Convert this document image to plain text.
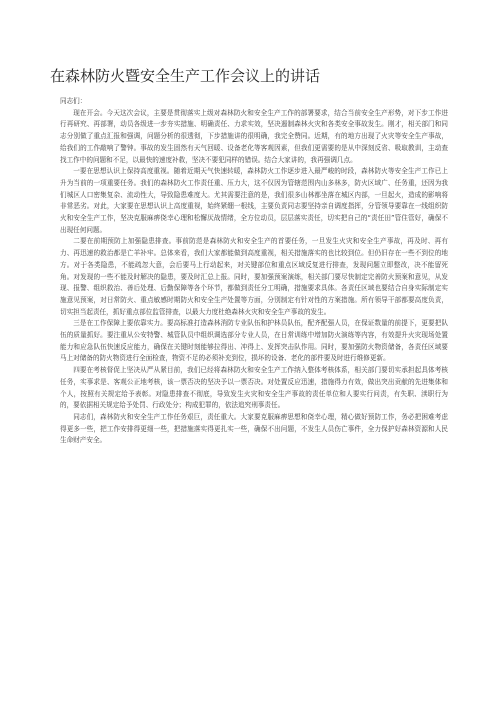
在森林防火暨安全生产工作会议上的讲话

同志们：

现在开会。今天这次会议，主要是贯彻落实上级对森林防火和安全生产工作的部署要求，结合当前安全生产形势，对下步工作进行再研究、再部署，动员各级进一步夯实措施、明确责任、力求实效，坚决遏制森林火灾和各类安全事故发生。刚才，相关部门和同志分别做了重点汇报和强调，问题分析的很透彻，下步措施讲的很明确，我完全赞同。近期，有的地方出现了火灾等安全生产事故，给我们的工作敲响了警钟。事故的发生固然有天气回暖、设备老化等客观因素，但我们更需要的是从中深刻反省、吸取教训，主动查找工作中的问题和不足，以最快的速度补救，坚决不要犯同样的错误。结合大家讲的，我再强调几点。

一要在思想认识上保持高度重视。随着近期天气快速转暖，森林防火工作逐步进入最严峻的时段，森林防火等安全生产工作已上升为当前的一项重要任务。我们的森林防火工作责任重、压力大，这不仅因为管辖范围内山多林多，防火区域广、任务重，还因为我们城区人口密集复杂、流动性大，导致隐患难度大。尤其需要注意的是，我们很多山林都坐落在城区内部，一旦起火，造成的影响将非常恶劣。对此，大家要在思想认识上高度重视，始终紧绷一根线，主要负责同志要坚持亲自调度指挥，分管领导要靠在一线组织防火和安全生产工作，坚决克服麻痹侥幸心理和松懈厌战情绪，全方位动员，层层落实责任，切实把自己的“责任田”管住管好，确保不出现任何问题。

二要在前期预防上加强隐患排查。事前防范是森林防火和安全生产的首要任务，一旦发生火灾和安全生产事故，再及时、再有力、再迅速的救治都是亡羊补牢。总体来看，我们大家都能做到高度重视，相关措施落实的也比较到位。但仍旧存在一些不到位的地方。对于各类隐患，不能疏忽大意，会后要马上行动起来，对关键部位和重点区域反复进行排查，发现问题立即整改，决不能留死角。对发现的一些不能及时解决的隐患，要及时汇总上报。同时，要加强预案演练，相关部门要尽快制定完善防火预案和意见，从发现、报警、组织救治、善后处理、后勤保障等各个环节，都做到责任分工明确，措施要求具体。各责任区域也要结合自身实际制定实施意见预案，对日常防火、重点敏感时期防火和安全生产处置等方面，分别制定有针对性的方案措施。所有领导干部都要高度负责，切实担当起责任，抓好重点部位监管排查，以最大力度杜绝森林火灾和安全生产事故的发生。

三是在工作保障上要依靠实力。要高标准打造森林消防专业队伍和护林员队伍，配齐配强人员，在保证数量的前提下，更要把队伍的质量抓好。要注重从公安特警、城管队员中组织调选部分专业人员，在日常训练中增加防火演练等内容，有效提升火灾现场处置能力和应急队伍快速反应能力，确保在关键时刻能够拉得出、冲得上、发挥突击队作用。同时，要加强防火物资储备，各责任区域要马上对储备的防火物资进行全面检查，物资不足的必须补充到位，损坏的设备、老化的部件要及时进行维修更新。

四要在考核督促上坚决从严从紧目前，我们已经将森林防火和安全生产工作纳入整体考核体系，相关部门要切实承担起具体考核任务，实事求是、客观公正地考核，该一票否决的坚决予以一票否决。对处置反应迅速，措施得力有效，做出突出贡献的先进集体和个人，按照有关规定给予表彰。对隐患排查不彻底，导致发生火灾和安全生产事故的责任单位和人要实行问责，有失职、渎职行为的，要依据相关规定给予处罚、行政处分；构成犯罪的，依法追究刑事责任。

同志们，森林防火和安全生产工作任务艰巨，责任重大。大家要克服麻痹思想和侥幸心理，精心做好预防工作，务必把困难考虑得更多一些，把工作安排得更细一些，把措施落实得更扎实一些，确保不出问题，不发生人员伤亡事件，全力保护好森林资源和人民生命财产安全。
